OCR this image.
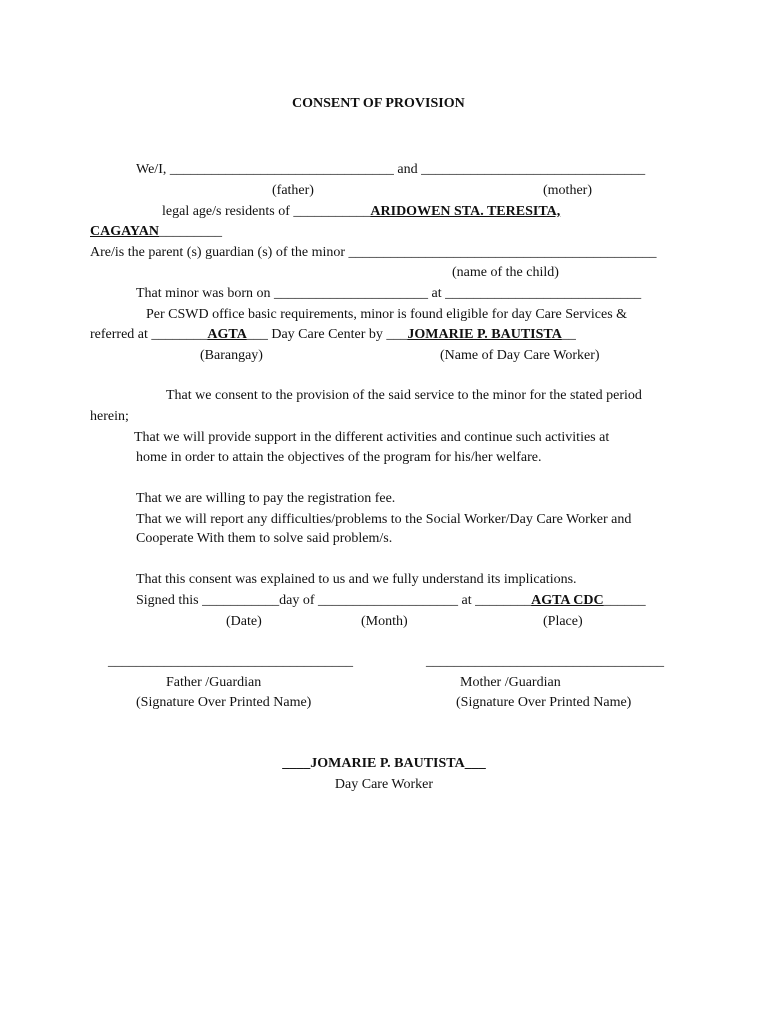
CONSENT OF PROVISION
We/I, ________________________________ and ________________________________
(father)	(mother)
legal age/s residents of ___________ARIDOWEN STA. TERESITA,
CAGAYAN_________
Are/is the parent (s) guardian (s) of the minor ____________________________________________
(name of the child)
That minor was born on ______________________ at ____________________________
Per CSWD office basic requirements, minor is found eligible for day Care Services &
referred at ________AGTA___ Day Care Center by ___JOMARIE P. BAUTISTA__
(Barangay)	(Name of Day Care Worker)
That we consent to the provision of the said service to the minor for the stated period
herein;
That we will provide support in the different activities and continue such activities at
home in order to attain the objectives of the program for his/her welfare.
That we are willing to pay the registration fee.
That we will report any difficulties/problems to the Social Worker/Day Care Worker and
Cooperate With them to solve said problem/s.
That this consent was explained to us and we fully understand its implications.
Signed this ___________day of ____________________ at ________AGTA CDC______
(Date)	(Month)	(Place)
___________________________________	__________________________________
Father /Guardian	Mother /Guardian
(Signature Over Printed Name)	(Signature Over Printed Name)
____JOMARIE P. BAUTISTA___
Day Care Worker
